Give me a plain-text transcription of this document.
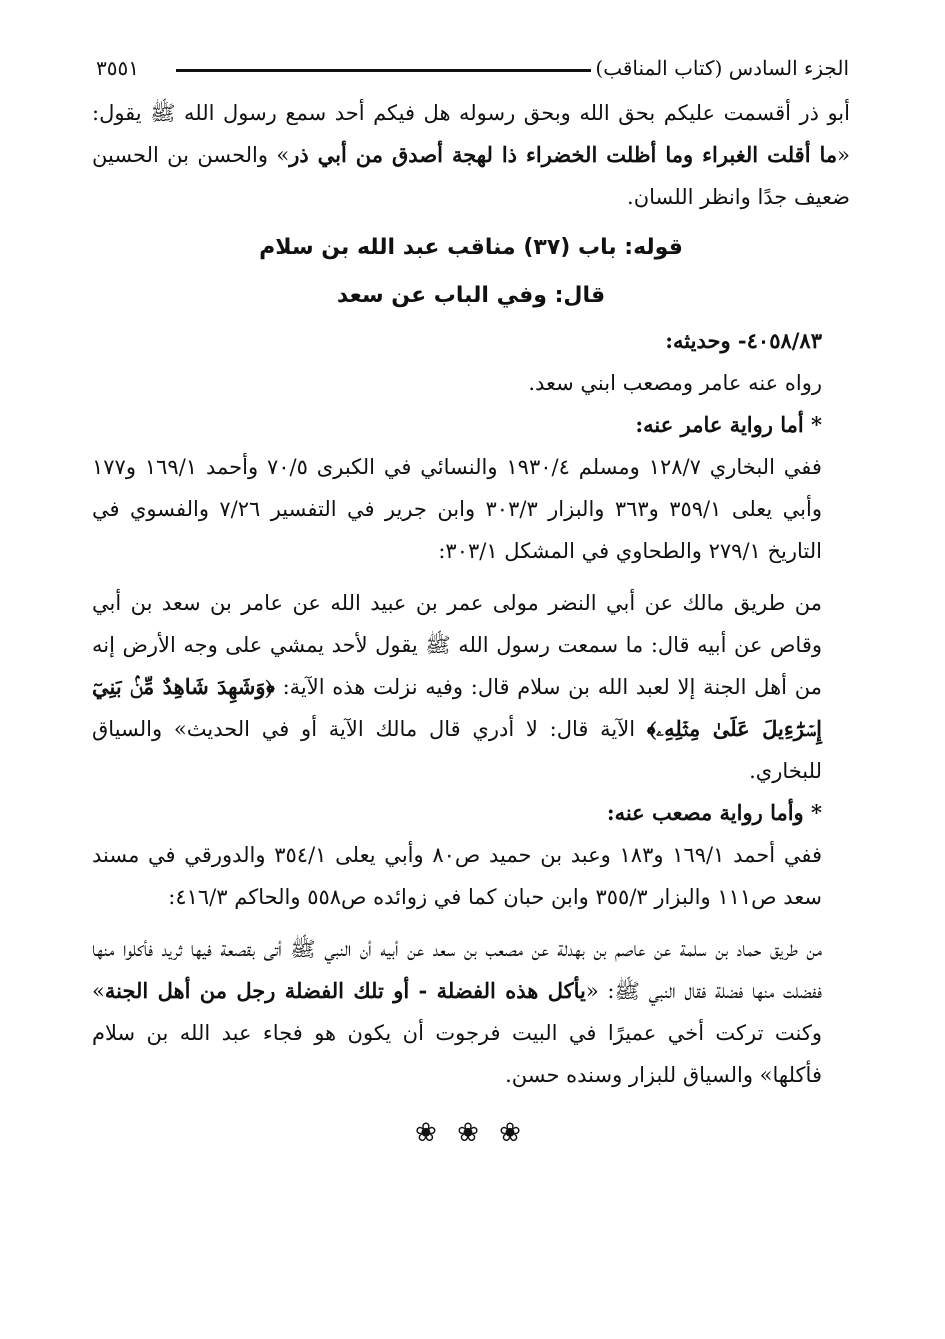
الجزء السادس (كتاب المناقب)
٣٥٥١

أبو ذر أقسمت عليكم بحق الله وبحق رسوله هل فيكم أحد سمع رسول الله ﷺ يقول: «ما أقلت الغبراء وما أظلت الخضراء ذا لهجة أصدق من أبي ذر» والحسن بن الحسين ضعيف جدًا وانظر اللسان.

قوله: باب (٣٧) مناقب عبد الله بن سلام

قال: وفي الباب عن سعد

٤٠٥٨/٨٣- وحديثه:

رواه عنه عامر ومصعب ابني سعد.

* أما رواية عامر عنه:

ففي البخاري ١٢٨/٧ ومسلم ١٩٣٠/٤ والنسائي في الكبرى ٧٠/٥ وأحمد ١٦٩/١ و١٧٧ وأبي يعلى ٣٥٩/١ و٣٦٣ والبزار ٣٠٣/٣ وابن جرير في التفسير ٧/٢٦ والفسوي في التاريخ ٢٧٩/١ والطحاوي في المشكل ٣٠٣/١:

من طريق مالك عن أبي النضر مولى عمر بن عبيد الله عن عامر بن سعد بن أبي وقاص عن أبيه قال: ما سمعت رسول الله ﷺ يقول لأحد يمشي على وجه الأرض إنه من أهل الجنة إلا لعبد الله بن سلام قال: وفيه نزلت هذه الآية: ﴿وَشَهِدَ شَاهِدٌ مِّنۢ بَنِيٓ إِسۡرَٰٓءِيلَ عَلَىٰ مِثۡلِهِۦ﴾ الآية قال: لا أدري قال مالك الآية أو في الحديث» والسياق للبخاري.

* وأما رواية مصعب عنه:

ففي أحمد ١٦٩/١ و١٨٣ وعبد بن حميد ص٨٠ وأبي يعلى ٣٥٤/١ والدورقي في مسند سعد ص١١١ والبزار ٣٥٥/٣ وابن حبان كما في زوائده ص٥٥٨ والحاكم ٤١٦/٣:

من طريق حماد بن سلمة عن عاصم بن بهدلة عن مصعب بن سعد عن أبيه أن النبي ﷺ أتى بقصعة فيها ثريد فأكلوا منها ففضلت منها فضلة فقال النبي ﷺ: «يأكل هذه الفضلة - أو تلك الفضلة رجل من أهل الجنة» وكنت تركت أخي عميرًا في البيت فرجوت أن يكون هو فجاء عبد الله بن سلام فأكلها» والسياق للبزار وسنده حسن.

❀ ❀ ❀
